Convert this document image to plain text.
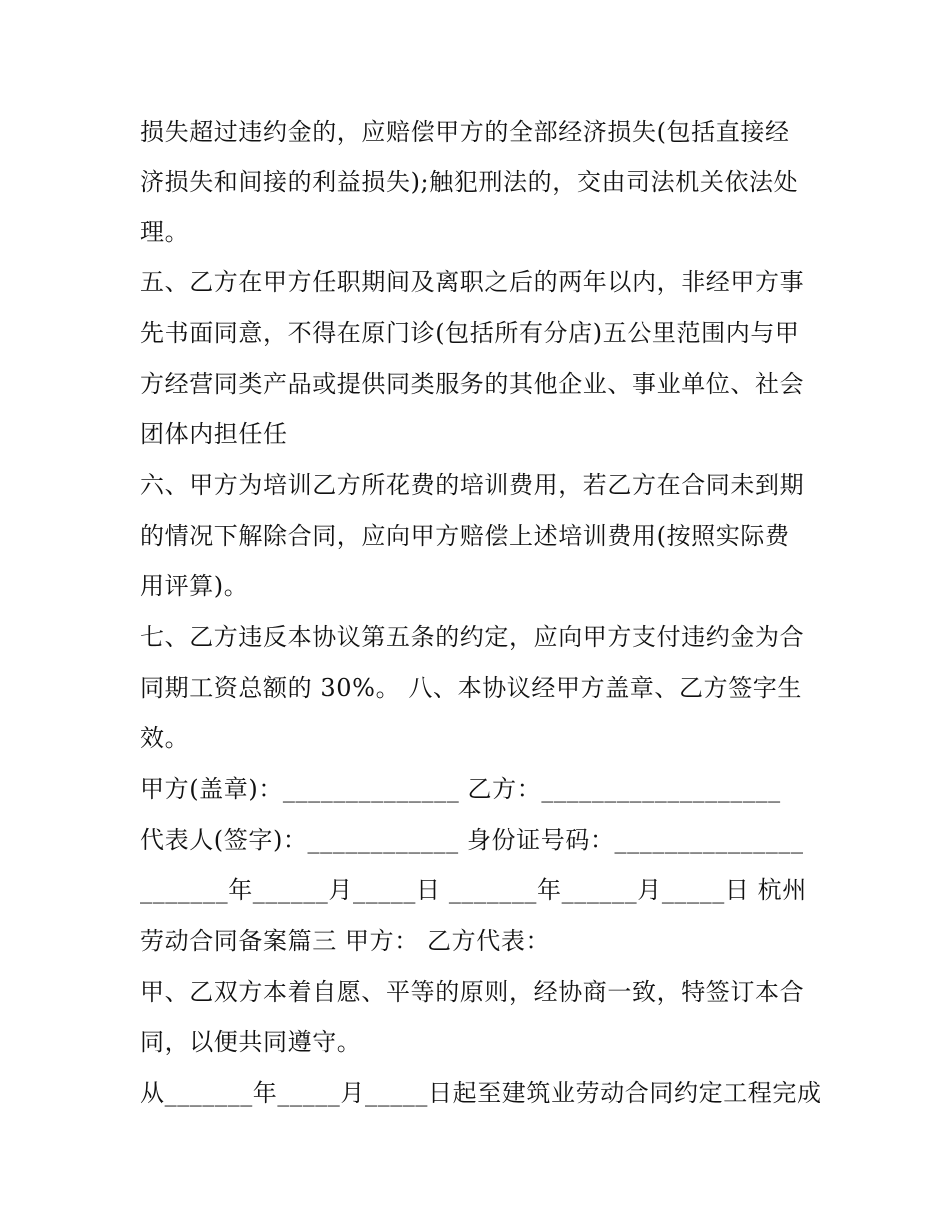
损失超过违约金的，应赔偿甲方的全部经济损失(包括直接经

济损失和间接的利益损失);触犯刑法的，交由司法机关依法处

理。

五、乙方在甲方任职期间及离职之后的两年以内，非经甲方事

先书面同意，不得在原门诊(包括所有分店)五公里范围内与甲

方经营同类产品或提供同类服务的其他企业、事业单位、社会

团体内担任任

六、甲方为培训乙方所花费的培训费用，若乙方在合同未到期

的情况下解除合同，应向甲方赔偿上述培训费用(按照实际费

用评算)。

七、乙方违反本协议第五条的约定，应向甲方支付违约金为合

同期工资总额的 30%。 八、本协议经甲方盖章、乙方签字生

效。

甲方(盖章)：______________ 乙方：___________________

代表人(签字)：____________ 身份证号码：_______________

_______年______月_____日 _______年______月_____日 杭州

劳动合同备案篇三 甲方： 乙方代表：

甲、乙双方本着自愿、平等的原则，经协商一致，特签订本合

同，以便共同遵守。

从_______年_____月_____日起至建筑业劳动合同约定工程完成
